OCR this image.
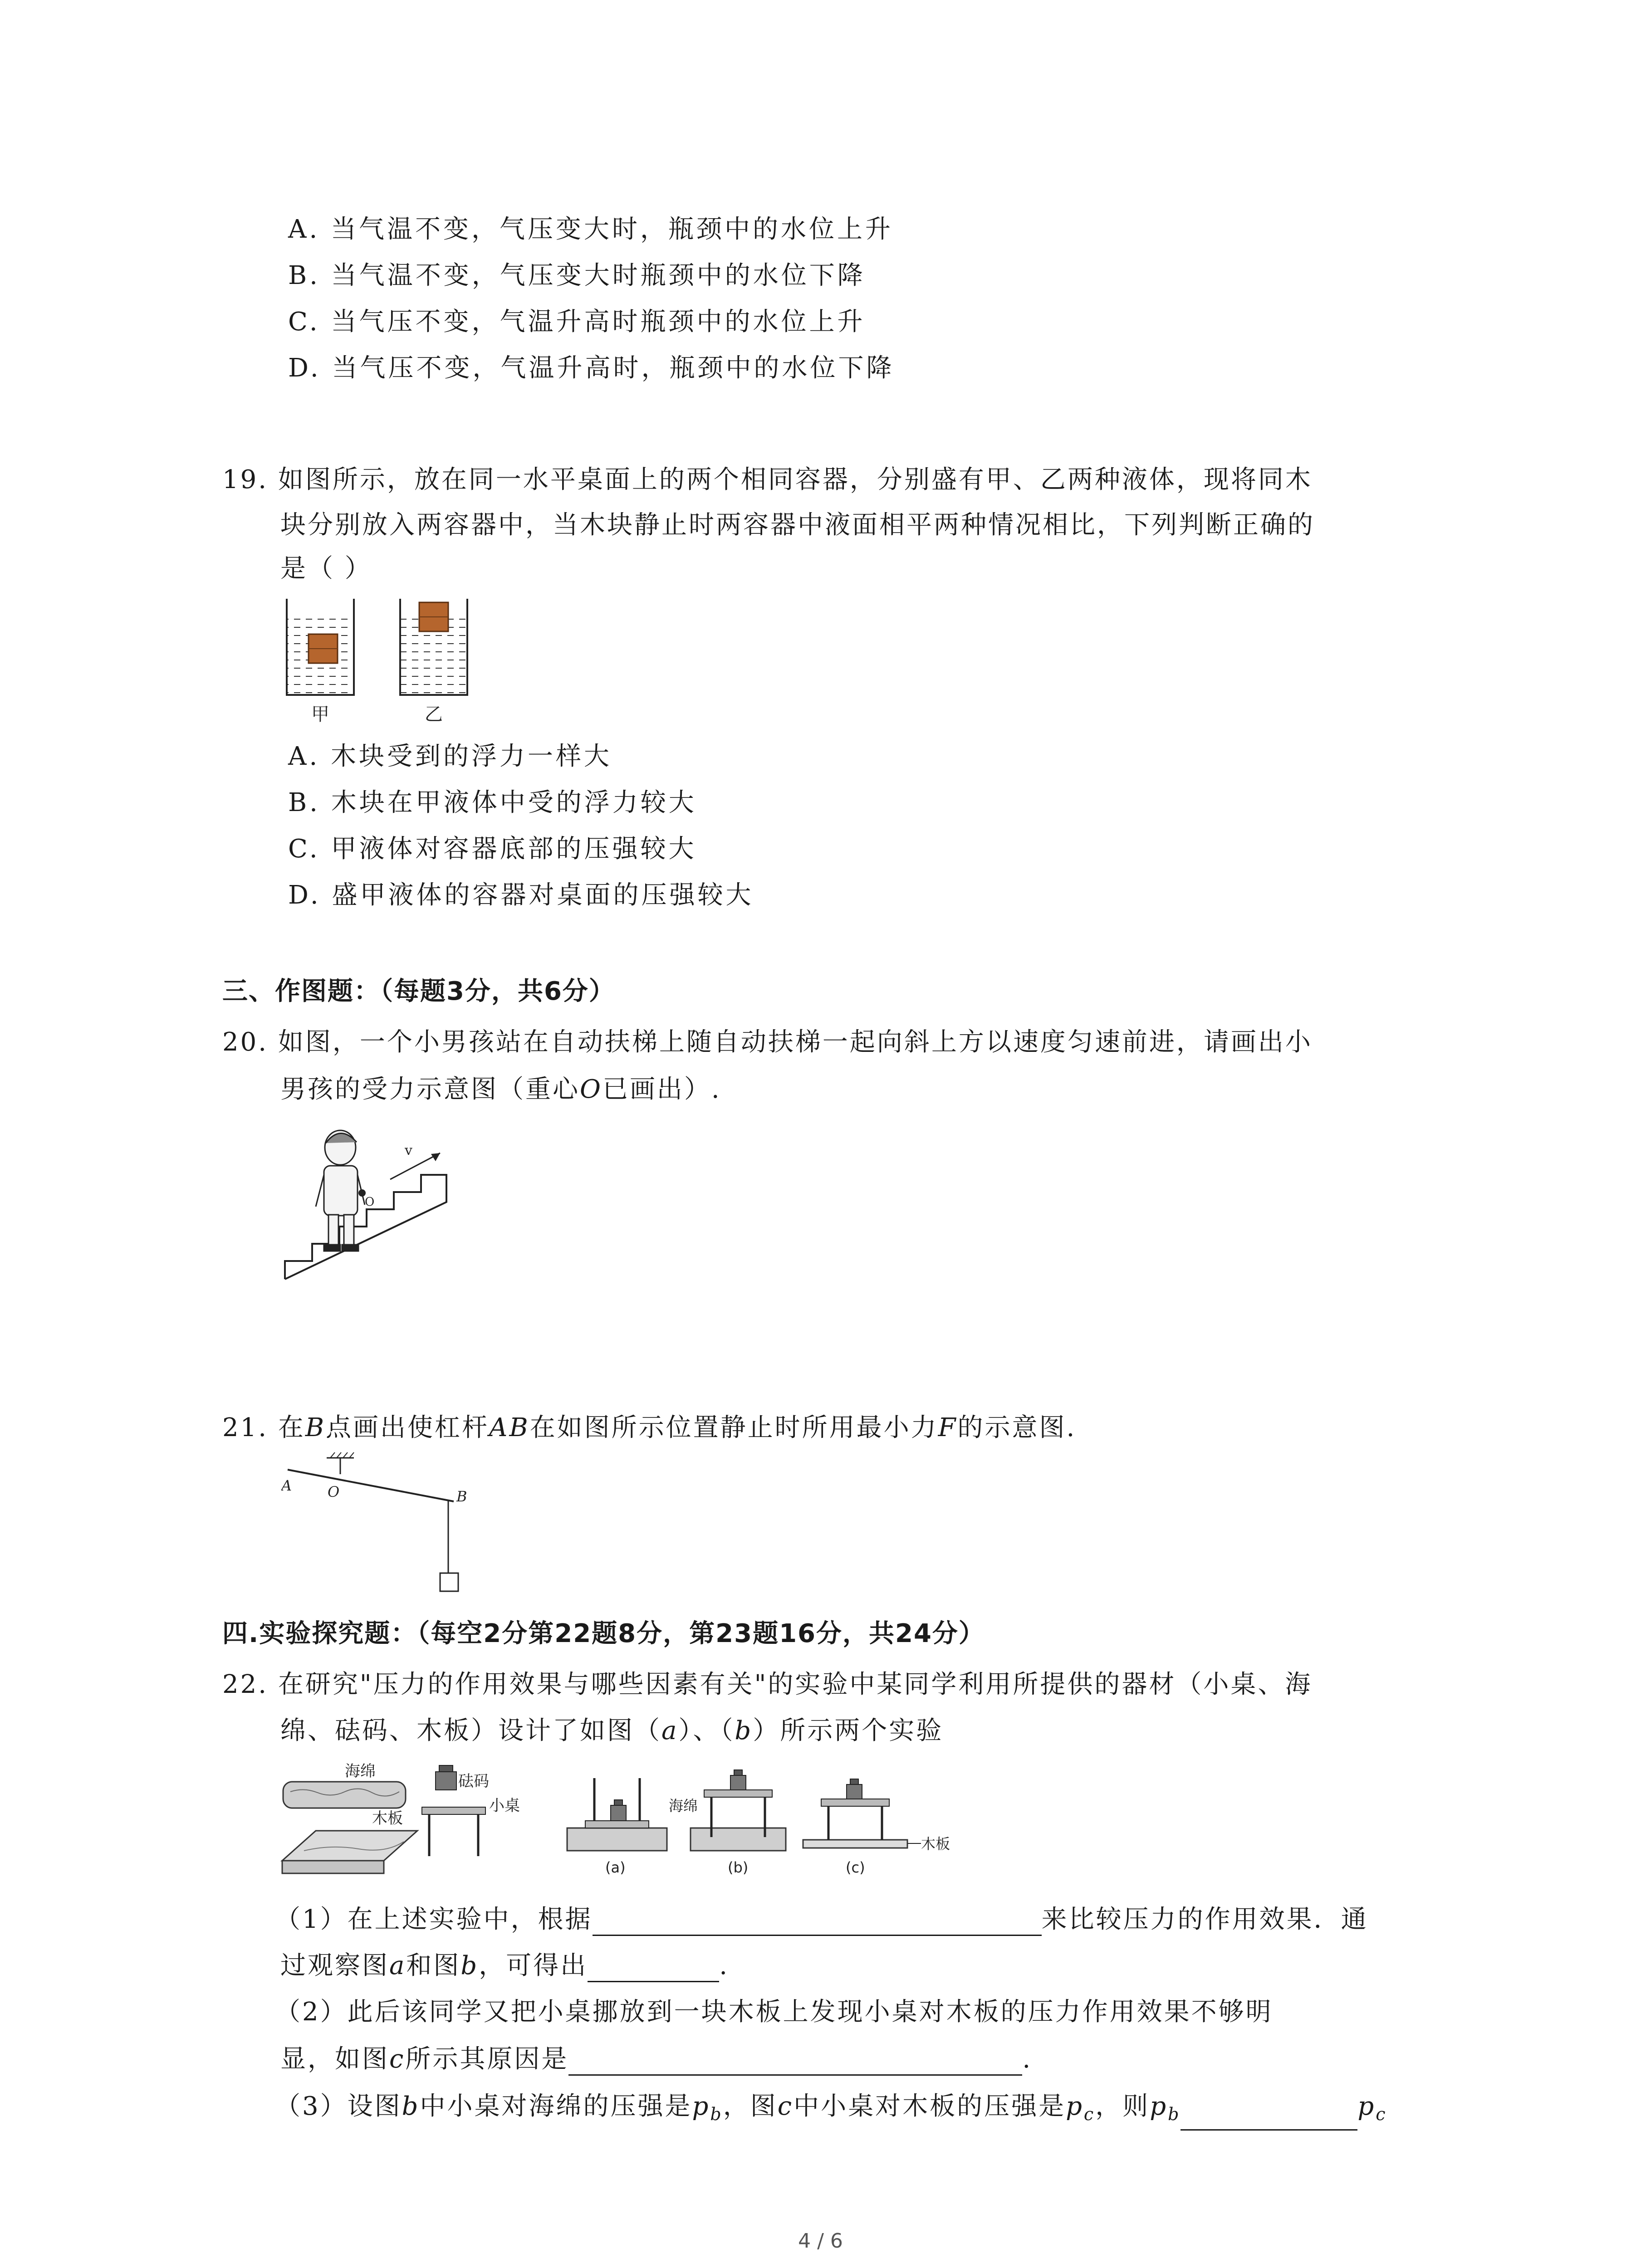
A. 当气温不变，气压变大时，瓶颈中的水位上升
B. 当气温不变，气压变大时瓶颈中的水位下降
C. 当气压不变，气温升高时瓶颈中的水位上升
D. 当气压不变，气温升高时，瓶颈中的水位下降
19. 如图所示，放在同一水平桌面上的两个相同容器，分别盛有甲、乙两种液体，现将同木
块分别放入两容器中，当木块静止时两容器中液面相平两种情况相比，下列判断正确的
是（ ）
甲	乙
A. 木块受到的浮力一样大
B. 木块在甲液体中受的浮力较大
C. 甲液体对容器底部的压强较大
D. 盛甲液体的容器对桌面的压强较大
三、作图题：（每题3分，共6分）
20. 如图，一个小男孩站在自动扶梯上随自动扶梯一起向斜上方以速度匀速前进，请画出小
男孩的受力示意图（重心O已画出）.
v
O
21. 在B点画出使杠杆AB在如图所示位置静止时所用最小力F的示意图.
A O	B
四.实验探究题：（每空2分第22题8分，第23题16分，共24分）
22. 在研究"压力的作用效果与哪些因素有关"的实验中某同学利用所提供的器材（小桌、海
绵、砝码、木板）设计了如图（a）、（b）所示两个实验
海绵
木板
砝码
小桌
(a)
海绵
(b)
木板
(c)
（1）在上述实验中，根据	来比较压力的作用效果．通
过观察图a和图b，可得出	.
（2）此后该同学又把小桌挪放到一块木板上发现小桌对木板的压力作用效果不够明
显，如图c所示其原因是	.
（3）设图b中小桌对海绵的压强是$p_b$，图c中小桌对木板的压强是$p_c$，则$p_b$	$p_c$
4 / 6
